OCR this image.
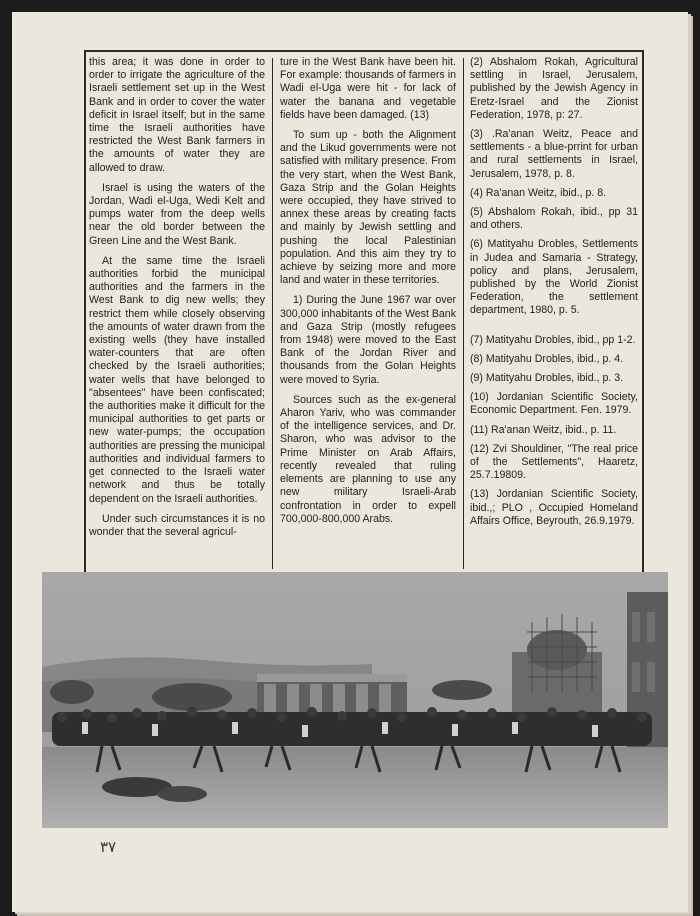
this area; it was done in order to order to irrigate the agriculture of the Israeli settlement set up in the West Bank and in order to cover the water deficit in Israel itself; but in the same time the Israeli authorities have restricted the West Bank farmers in the amounts of water they are allowed to draw.

Israel is using the waters of the Jordan, Wadi el-Uga, Wedi Kelt and pumps water from the deep wells near the old border between the Green Line and the West Bank.

At the same time the Israeli authorities forbid the municipal authorities and the farmers in the West Bank to dig new wells; they restrict them while closely observing the amounts of water drawn from the existing wells (they have installed water-counters that are often checked by the Israeli authorities; water wells that have belonged to "absentees" have been confiscated; the authorities make it difficult for the municipal authorities to get parts or new water-pumps; the occupation authorities are pressing the municipal authorities and individual farmers to get connected to the Israeli water network and thus be totally dependent on the Israeli authorities.

Under such circumstances it is no wonder that the several agricul-

ture in the West Bank have been hit. For example: thousands of farmers in Wadi el-Uga were hit - for lack of water the banana and vegetable fields have been damaged. (13)

To sum up - both the Alignment and the Likud governments were not satisfied with military presence. From the very start, when the West Bank, Gaza Strip and the Golan Heights were occupied, they have strived to annex these areas by creating facts and mainly by Jewish settling and pushing the local Palestinian population. And this aim they try to achieve by seizing more and more land and water in these territories.

1) During the June 1967 war over 300,000 inhabitants of the West Bank and Gaza Strip (mostly refugees from 1948) were moved to the East Bank of the Jordan River and thousands from the Golan Heights were moved to Syria.

Sources such as the ex-general Aharon Yariv, who was commander of the intelligence services, and Dr. Sharon, who was advisor to the Prime Minister on Arab Affairs, recently revealed that ruling elements are planning to use any new military Israeli-Arab confrontation in order to expell 700,000-800,000 Arabs.

(2) Abshalom Rokah, Agricultural settling in Israel, Jerusalem, published by the Jewish Agency in Eretz-Israel and the Zionist Federation, 1978, p: 27.

(3) .Ra'anan Weitz, Peace and settlements - a blue-prrint for urban and rural settlements in Israel, Jerusalem, 1978, p. 8.

(4) Ra'anan Weitz, ibid., p. 8.

(5) Abshalom Rokah, ibid., pp 31 and others.

(6) Matityahu Drobles, Settlements in Judea and Samaria - Strategy, policy and plans, Jerusalem, published by the World Zionist Federation, the settlement department, 1980, p. 5.

(7) Matityahu Drobles, ibid., pp 1-2.

(8) Matityahu Drobles, ibid., p. 4.

(9) Matityahu Drobles, ibid., p. 3.

(10) Jordanian Scientific Society, Economic Department. Fen. 1979.

(11) Ra'anan Weitz, ibid., p. 11.

(12) Zvi Shouldiner, "The real price of the Settlements", Haaretz, 25.7.19809.

(13) Jordanian Scientific Society, ibid.,; PLO , Occupied Homeland Affairs Office, Beyrouth, 26.9.1979.

٣٧
